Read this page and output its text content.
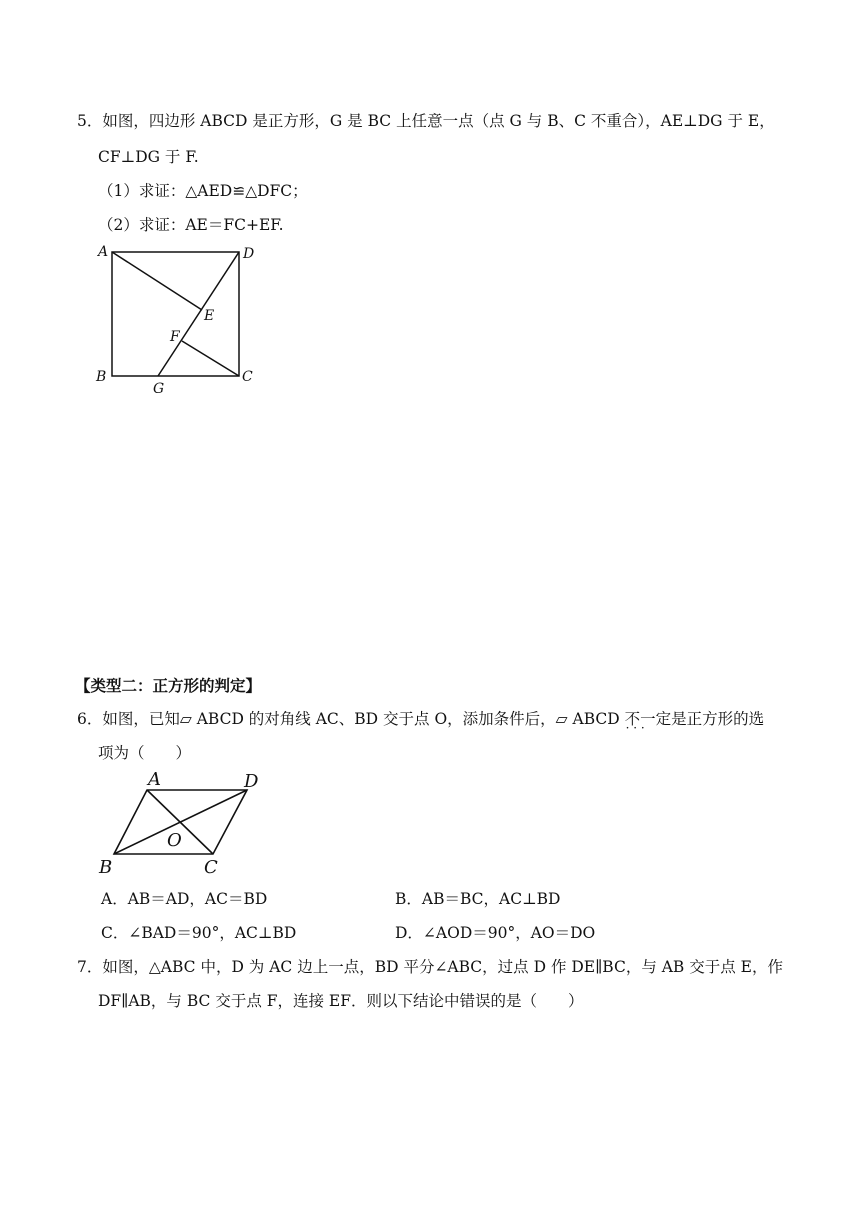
5．如图，四边形 ABCD 是正方形，G 是 BC 上任意一点（点 G 与 B、C 不重合），AE⊥DG 于 E，
CF⊥DG 于 F.
（1）求证：△AED≌△DFC；
（2）求证：AE＝FC+EF.
A	D
E
F
B
G
C
【类型二：正方形的判定】
6．如图，已知▱ ABCD 的对角线 AC、BD 交于点 O，添加条件后，▱ ABCD 不一定 · · ·是正方形的选
项为（　　）
A	D
O
B	C
A．AB＝AD，AC＝BD	B．AB＝BC，AC⊥BD
C．∠BAD＝90°，AC⊥BD	D．∠AOD＝90°，AO＝DO
7．如图，△ABC 中，D 为 AC 边上一点，BD 平分∠ABC，过点 D 作 DE∥BC，与 AB 交于点 E，作
DF∥AB，与 BC 交于点 F，连接 EF．则以下结论中错误的是（　　）
